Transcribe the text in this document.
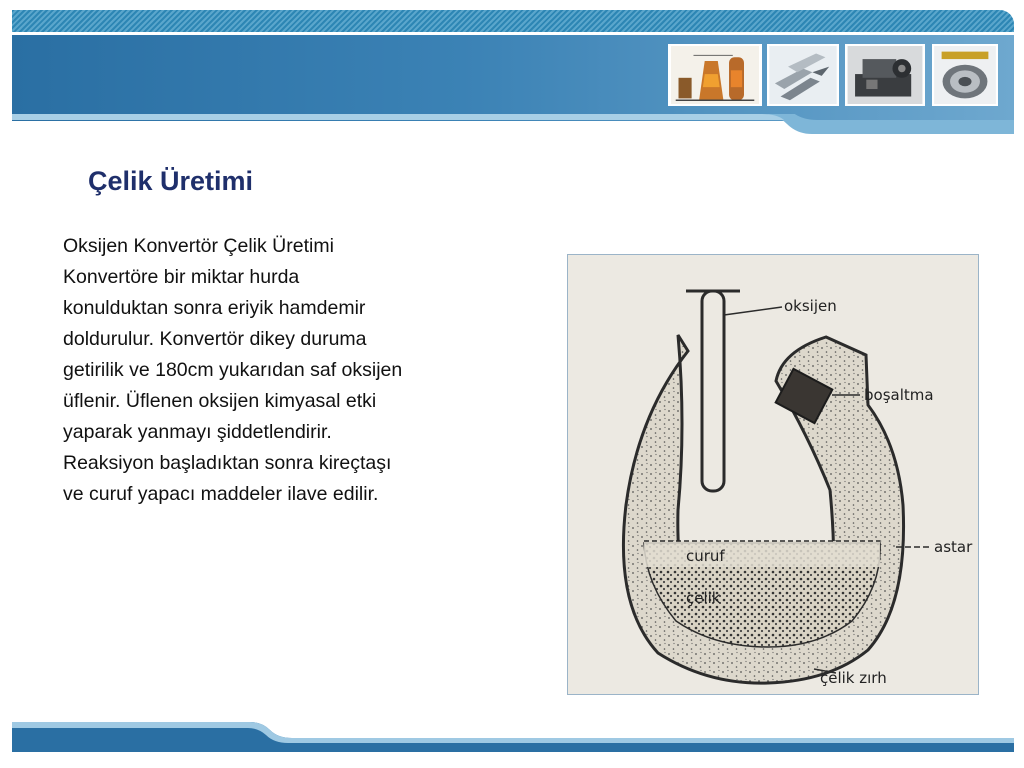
Çelik Üretimi
Oksijen Konvertör Çelik Üretimi
Konvertöre bir miktar hurda
konulduktan sonra eriyik hamdemir
doldurulur. Konvertör dikey duruma
getirilik ve 180cm yukarıdan saf oksijen
üflenir. Üflenen oksijen kimyasal etki
yaparak yanmayı şiddetlendirir.
Reaksiyon başladıktan sonra kireçtaşı
ve curuf yapacı maddeler ilave edilir.
oksijen
boşaltma
astar
curuf
çelik
çelik zırh
